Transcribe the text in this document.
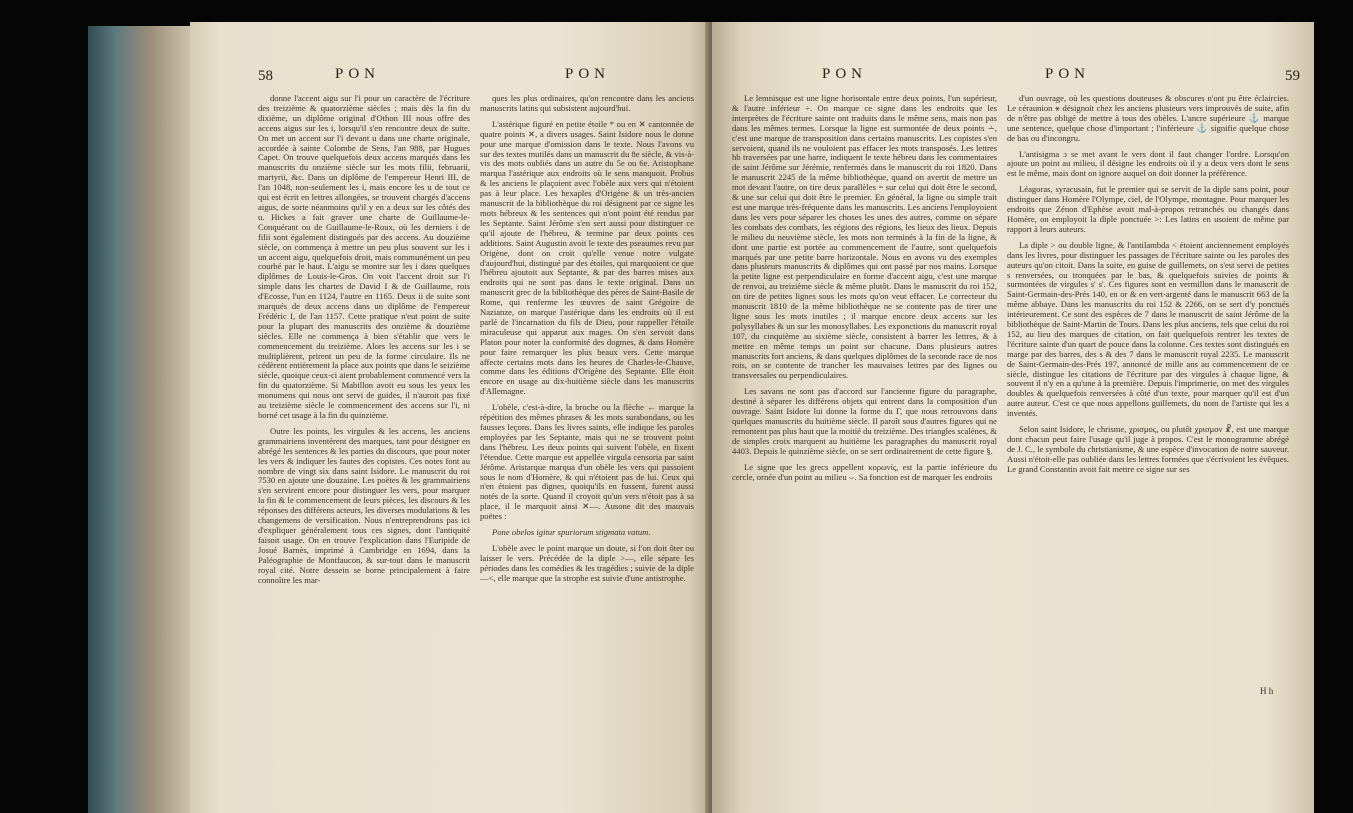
58	PON	PON

donne l'accent aigu sur l'i pour un caractère de l'écriture des treizième & quatorzième siècles ; mais dès la fin du dixième, un diplôme original d'Othon III nous offre des accens aigus sur les i, lorsqu'il s'en rencontre deux de suite. On met un accent sur l'i devant u dans une charte originale, accordée à sainte Colombe de Sens, l'an 988, par Hugues Capet. On trouve quelquefois deux accens marqués dans les manuscrits du onzième siècle sur les mots filii, februarii, martyrii, &c. Dans un diplôme de l'empereur Henri III, de l'an 1048, non-seulement les i, mais encore les u de tout ce qui est écrit en lettres allongées, se trouvent chargés d'accens aigus, de sorte néanmoins qu'il y en a deux sur les côtés des u. Hickes a fait graver une charte de Guillaume-le-Conquérant ou de Guillaume-le-Roux, où les derniers i de filii sont également distingués par des accens. Au douzième siècle, on commença à mettre un peu plus souvent sur les i un accent aigu, quelquefois droit, mais communément un peu courbé par le haut. L'aigu se montre sur les i dans quelques diplômes de Louis-le-Gros. On voit l'accent droit sur l'i simple dans les chartes de David I & de Guillaume, rois d'Ecosse, l'un en 1124, l'autre en 1165. Deux ii de suite sont marqués de deux accens dans un diplôme de l'empereur Frédéric I, de l'an 1157. Cette pratique n'eut point de suite pour la plupart des manuscrits des onzième & douzième siècles. Elle ne commença à bien s'établir que vers le commencement du treizième. Alors les accens sur les i se multiplièrent, prirent un peu de la forme circulaire. Ils ne cédèrent entièrement la place aux points que dans le seizième siècle, quoique ceux-ci aient probablement commencé vers la fin du quatorzième. Si Mabillon avoit eu sous les yeux les monumens qui nous ont servi de guides, il n'auroit pas fixé au treizième siècle le commencement des accens sur l'i, ni borné cet usage à la fin du quinzième.

Outre les points, les virgules & les accens, les anciens grammairiens inventèrent des marques, tant pour désigner en abrégé les sentences & les parties du discours, que pour noter les vers & indiquer les fautes des copistes. Ces notes font au nombre de vingt six dans saint Isidore. Le manuscrit du roi 7530 en ajoute une douzaine. Les poëtes & les grammairiens s'en servirent encore pour distinguer les vers, pour marquer la fin & le commencement de leurs pièces, les discours & les réponses des différens acteurs, les diverses modulations & les changemens de versification. Nous n'entreprendrons pas ici d'expliquer généralement tous ces signes, dont l'antiquité faisoit usage. On en trouve l'explication dans l'Euripide de Josué Barnès, imprimé à Cambridge en 1694, dans la Paléographie de Montfaucon, & sur-tout dans le manuscrit royal cité. Notre dessein se borne principalement à faire connoître les mar-

ques les plus ordinaires, qu'on rencontre dans les anciens manuscrits latins qui subsistent aujourd'hui.

L'astérique figuré en petite étoile * ou en ✕ cantonnée de quatre points ✕, a divers usages. Saint Isidore nous le donne pour une marque d'omission dans le texte. Nous l'avons vu sur des textes mutilés dans un manuscrit du 8e siècle, & vis-à-vis des mots oubliés dans un autre du 5e ou 6e. Aristophane marqua l'astérique aux endroits où le sens manquoit. Probus & les anciens le plaçoient avec l'obèle aux vers qui n'étoient pas à leur place. Les hexaples d'Origène & un très-ancien manuscrit de la bibliothèque du roi désignent par ce signe les mots hébreux & les sentences qui n'ont point été rendus par les Septante. Saint Jérôme s'en sert aussi pour distinguer ce qu'il ajoute de l'hébreu, & termine par deux points ces additions. Saint Augustin avoit le texte des pseaumes revu par Origène, dont on croit qu'elle venue notre vulgate d'aujourd'hui, distingué par des étoiles, qui marquoient ce que l'hébreu ajoutoit aux Septante, & par des barres mises aux endroits qui ne sont pas dans le texte original. Dans un manuscrit grec de la bibliothèque des pères de Saint-Basile de Rome, qui renferme les œuvres de saint Grégoire de Nazianze, on marque l'astérique dans les endroits où il est parlé de l'incarnation du fils de Dieu, pour rappeller l'étoile miraculeuse qui apparut aux mages. On s'en servoit dans Platon pour noter la conformité des dogmes, & dans Homère pour faire remarquer les plus beaux vers. Cette marque affecte certains mots dans les heures de Charles-le-Chauve, comme dans les éditions d'Origène des Septante. Elle étoit encore en usage au dix-huitième siècle dans les manuscrits d'Allemagne.

L'obèle, c'est-à-dire, la broche ou la flèche ← marque la répétition des mêmes phrases & les mots surabondans, ou les fausses leçons. Dans les livres saints, elle indique les paroles employées par les Septante, mais qui ne se trouvent point dans l'hébreu. Les deux points qui suivent l'obèle, en fixent l'étendue. Cette marque est appellée virgula censoria par saint Jérôme. Aristarque marqua d'un obèle les vers qui passoient sous le nom d'Homère, & qui n'étoient pas de lui. Ceux qui n'en étoient pas dignes, quoiqu'ils en fussent, furent aussi notés de la sorte. Quand il croyoit qu'un vers n'étoit pas à sa place, il le marquoit ainsi ✕—. Ausone dit des mauvais poëtes :

Pone obelos igitur spuriorum stigmata vatum.

L'obèle avec le point marque un doute, si l'on doit ôter ou laisser le vers. Précédée de la diple >—, elle sépare les périodes dans les comédies & les tragédies ; suivie de la diple —<, elle marque que la strophe est suivie d'une antistrophe.

PON	PON	59

Le lemnisque est une ligne horisontale entre deux points, l'un supérieur, & l'autre inférieur ÷. On marque ce signe dans les endroits que les interprètes de l'écriture sainte ont traduits dans le même sens, mais non pas dans les mêmes termes. Lorsque la ligne est surmontée de deux points ∸, c'est une marque de transposition dans certains manuscrits. Les copistes s'en servoient, quand ils ne vouloient pas effacer les mots transposés. Les lettres hb traversées par une barre, indiquent le texte hébreu dans les commentaires de saint Jérôme sur Jérémie, renfermés dans le manuscrit du roi 1820. Dans le manuscrit 2245 de la même bibliothèque, quand on avertit de mettre un mot devant l'autre, on tire deux parallèles = sur celui qui doit être le second, & une sur celui qui doit être le premier. En général, la ligne ou simple trait est une marque très-fréquente dans les manuscrits. Les anciens l'employoient dans les vers pour séparer les choses les unes des autres, comme on sépare les combats des combats, les régions des régions, les lieux des lieux. Depuis le milieu du neuvième siècle, les mots non terminés à la fin de la ligne, & dont une partie est portée au commencement de l'autre, sont quelquefois marqués par une petite barre horizontale. Nous en avons vu des exemples dans plusieurs manuscrits & diplômes qui ont passé par nos mains. Lorsque la petite ligne est perpendiculaire en forme d'accent aigu, c'est une marque de renvoi, au treizième siècle & même plutôt. Dans le manuscrit du roi 152, on tire de petites lignes sous les mots qu'on veut effacer. Le correcteur du manuscrit 1810 de la même bibliothèque ne se contente pas de tirer une ligne sous les mots inutiles ; il marque encore deux accens sur les polysyllabes & un sur les monosyllabes. Les exponctions du manuscrit royal 107, du cinquième au sixième siècle, consistent à barrer les lettres, & à mettre en même temps un point sur chacune. Dans plusieurs autres manuscrits fort anciens, & dans quelques diplômes de la seconde race de nos rois, on se contente de trancher les mauvaises lettres par des lignes ou transversales ou perpendiculaires.

Les savans ne sont pas d'accord sur l'ancienne figure du paragraphe, destiné à séparer les différens objets qui entrent dans la composition d'un ouvrage. Saint Isidore lui donne la forme du Γ, que nous retrouvons dans quelques manuscrits du huitième siècle. Il paroît sous d'autres figures qui ne remontent pas plus haut que la moitié du treizième. Des triangles scalènes, & de simples croix marquent au huitième les paragraphes du manuscrit royal 4403. Depuis le quinzième siècle, on se sert ordinairement de cette figure §.

Le signe que les grecs appellent κορωνίς, est la partie inférieure du cercle, ornée d'un point au milieu ⌣. Sa fonction est de marquer les endroits

d'un ouvrage, où les questions douteuses & obscures n'ont pu être éclaircies. Le céraunion ⚹ désignoit chez les anciens plusieurs vers improuvés de suite, afin de n'être pas obligé de mettre à tous des obèles. L'ancre supérieure ⚓ marque une sentence, quelque chose d'important ; l'inférieure ⚓ signifie quelque chose de bas ou d'incongru.

L'antisigma ɔ se met avant le vers dont il faut changer l'ordre. Lorsqu'on ajoute un point au milieu, il désigne les endroits où il y a deux vers dont le sens est le même, mais dont on ignore auquel on doit donner la préférence.

Léagoras, syracusain, fut le premier qui se servit de la diple sans point, pour distinguer dans Homère l'Olympe, ciel, de l'Olympe, montagne. Pour marquer les endroits que Zénon d'Ephèse avoit mal-à-propos retranchés ou changés dans Homère, on employoit la diple ponctuée >: Les latins en usoient de même par rapport à leurs auteurs.

La diple > ou double ligne, & l'antilambda < étoient anciennement employés dans les livres, pour distinguer les passages de l'écriture sainte ou les paroles des auteurs qu'on citoit. Dans la suite, en guise de guillemets, on s'est servi de petites s renversées, ou tronquées par le bas, & quelquefois suivies de points & surmontées de virgules s' s'. Ces figures sont en vermillon dans le manuscrit de Saint-Germain-des-Prés 140, en or & en vert-argenté dans le manuscrit 663 de la même abbaye. Dans les manuscrits du roi 152 & 2266, on se sert d'y ponctués intérieurement. Ce sont des espèces de 7 dans le manuscrit de saint Jérôme de la bibliothèque de Saint-Martin de Tours. Dans les plus anciens, tels que celui du roi 152, au lieu des marques de citation, on fait quelquefois rentrer les textes de l'écriture sainte d'un quart de pouce dans la colonne. Ces textes sont distingués en marge par des barres, des s & des 7 dans le manuscrit royal 2235. Le manuscrit de Saint-Germain-des-Prés 197, annoncé de mille ans au commencement de ce siècle, distingue les citations de l'écriture par des virgules à chaque ligne, & souvent il n'y en a qu'une à la première. Depuis l'imprimerie, on met des virgules doubles & quelquefois renversées à côté d'un texte, pour marquer qu'il est d'un autre auteur. C'est ce que nous appellons guillemets, du nom de l'artiste qui les a inventés.

Selon saint Isidore, le chrisme, χρισμος, ou plutôt χρισμον ☧, est une marque dont chacun peut faire l'usage qu'il juge à propos. C'est le monogramme abrégé de J. C., le symbole du christianisme, & une espèce d'invocation de notre sauveur. Aussi n'étoit-elle pas oubliée dans les lettres formées que s'écrivoient les évêques. Le grand Constantin avoit fait mettre ce signe sur ses

H h
